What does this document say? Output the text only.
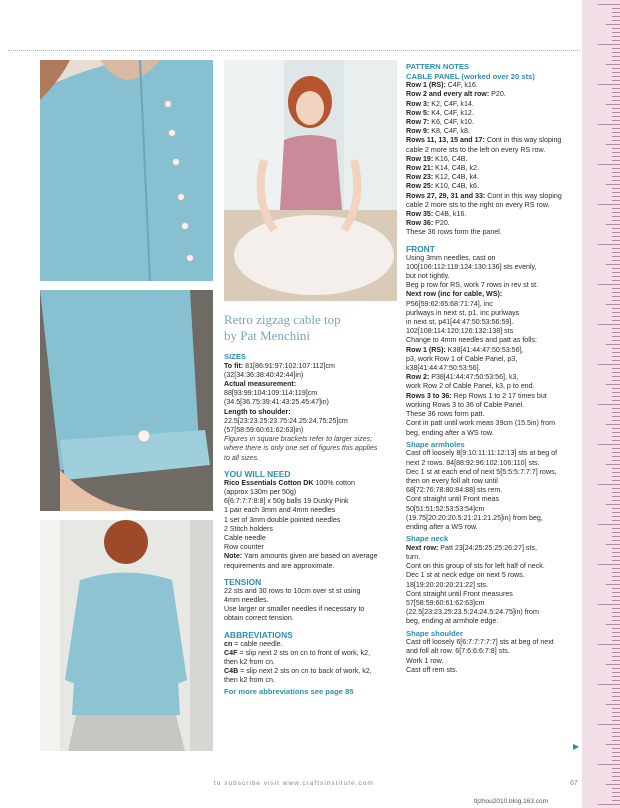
Retro zigzag cable top
by Pat Menchini
SIZES

To fit: 81[86:91:97:102:107:112]cm

(32[34:36:38:40:42:44]in)

Actual measurement:

88[93:99:104:109:114:119]cm

(34.5[36.75:39:41:43:25.45:47]in)

Length to shoulder:

22.5[23:23.25:23.75:24.25:24.75:25]cm

(57[58:59:60:61:62:63]in)

Figures in square brackets refer to larger sizes;

where there is only one set of figures this applies

to all sizes.

YOU WILL NEED

Rico Essentials Cotton DK 100% cotton

(approx 130m per 50g)

6[6:7:7:7:8:8] x 50g balls 19 Dusky Pink

1 pair each 3mm and 4mm needles

1 set of 3mm double pointed needles

2 Stitch holders

Cable needle

Row counter

Note: Yarn amounts given are based on average

requirements and are approximate.

TENSION

22 sts and 30 rows to 10cm over st st using

4mm needles.

Use larger or smaller needles if necessary to

obtain correct tension.

ABBREVIATIONS

cn = cable needle.

C4F = slip next 2 sts on cn to front of work, k2,

then k2 from cn.

C4B = slip next 2 sts on cn to back of work, k2,

then k2 from cn.

For more abbreviations see page 85
PATTERN NOTES
CABLE PANEL (worked over 20 sts)

Row 1 (RS): C4F, k16.

Row 2 and every alt row: P20.

Row 3: K2, C4F, k14.

Row 5: K4, C4F, k12.

Row 7: K6, C4F, k10.

Row 9: K8, C4F, k8.

Rows 11, 13, 15 and 17: Cont in this way sloping

cable 2 more sts to the left on every RS row.

Row 19: K16, C4B.

Row 21: K14, C4B, k2.

Row 23: K12, C4B, k4.

Row 25: K10, C4B, k6.

Rows 27, 29, 31 and 33: Cont in this way sloping

cable 2 more sts to the right on every RS row.

Row 35: C4B, k16.

Row 36: P20.

These 36 rows form the panel.

FRONT

Using 3mm needles, cast on

100[106:112:118:124:130:136] sts evenly,

but not tightly.

Beg p row for RS, work 7 rows in rev st st.

Next row (inc for cable, WS):

P56[59:62:65:68:71:74], inc

purlways in next st, p1, inc purlways

in next st, p41[44:47:50:53:56:59].

102[108:114:120:126:132:138] sts

Change to 4mm needles and patt as folls:

Row 1 (RS): K38[41:44:47:50:53:56],

p3, work Row 1 of Cable Panel, p3,

k38[41:44:47:50:53:56].

Row 2: P38[41:44:47:50:53:56], k3,

work Row 2 of Cable Panel, k3, p to end.

Rows 3 to 36: Rep Rows 1 to 2 17 times but

working Rows 3 to 36 of Cable Panel.

These 36 rows form patt.

Cont in patt until work meas 39cm (15.5in) from

beg, ending after a WS row.

Shape armholes

Cast off loosely 8[9:10:11:11:12:13] sts at beg of

next 2 rows. 84[88:92:96:102:106:110] sts.

Dec 1 st at each end of next 5[5:5:5:7:7:7] rows,

then on every foll alt row until

68[72:76:78:80:84:88] sts rem.

Cont straight until Front meas

50[51:51:52:53:53:54]cm

(19.75[20:20:20.5:21:21:21.25]in) from beg,

ending after a WS row.

Shape neck

Next row: Patt 23[24:25:25:25:26:27] sts,

turn.

Cont on this group of sts for left half of neck.

Dec 1 st at neck edge on next 5 rows.

18[19:20:20:20:21:22] sts.

Cont straight until Front measures

57[58:59:60:61:62:63]cm

(22.5[23:23.25:23.5:24:24.5:24.75]in) from

beg, ending at armhole edge.

Shape shoulder

Cast off loosely 6[6:7:7:7:7:7] sts at beg of next

and foll alt row. 6[7:6:6:6:7:8] sts.

Work 1 row.

Cast off rem sts.

▶
to subscribe visit www.craftsinstitute.com	67
tljzhou2010.blog.163.com
